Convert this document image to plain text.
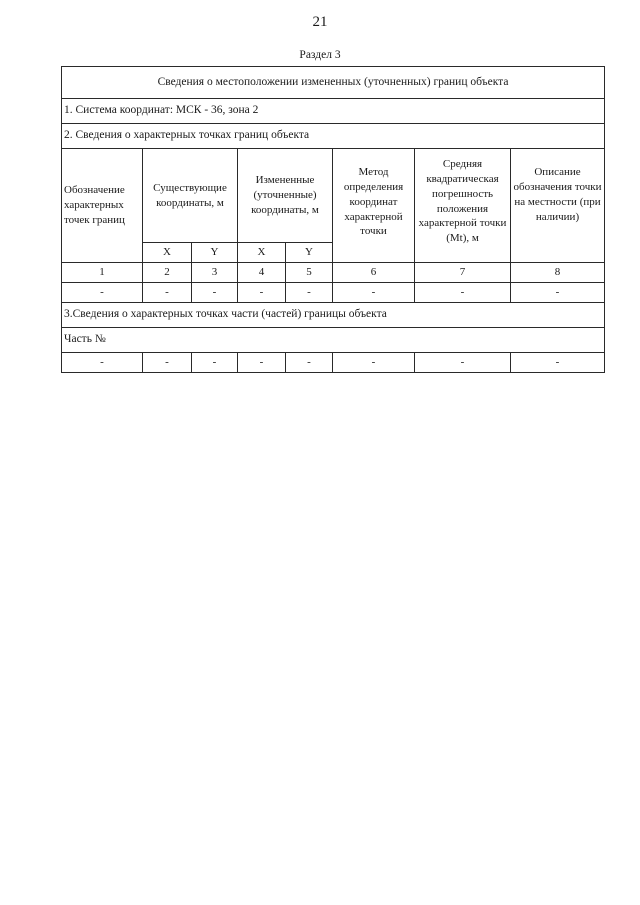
21
Раздел 3
Сведения о местоположении измененных (уточненных) границ объекта							
1. Система координат: МСК - 36, зона 2							
2. Сведения о характерных точках границ объекта							
Обозначение характерных точек границ	Существующие координаты, м		Измененные (уточненные) координаты, м		Метод определения координат характерной точки	Средняя квадратическая погрешность положения характерной точки (Mt), м	Описание обозначения точки на местности (при наличии)
	X	Y	X	Y			
1	2	3	4	5	6	7	8
-	-	-	-	-	-	-	-
3.Сведения о характерных точках части (частей) границы объекта							
Часть №							
-	-	-	-	-	-	-	-
